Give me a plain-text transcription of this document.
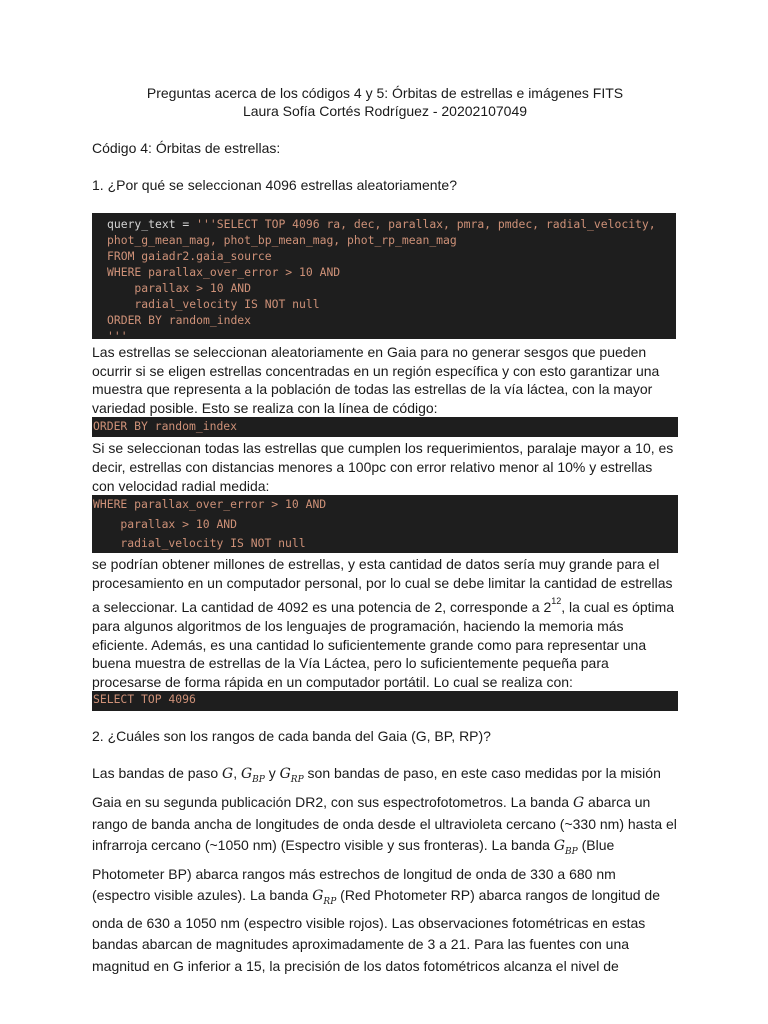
Preguntas acerca de los códigos 4 y 5: Órbitas de estrellas e imágenes FITS
Laura Sofía Cortés Rodríguez - 20202107049
Código 4: Órbitas de estrellas:
1. ¿Por qué se seleccionan 4096 estrellas aleatoriamente?
query_text = '''SELECT TOP 4096 ra, dec, parallax, pmra, pmdec, radial_velocity,
phot_g_mean_mag, phot_bp_mean_mag, phot_rp_mean_mag
FROM gaiadr2.gaia_source
WHERE parallax_over_error > 10 AND
parallax > 10 AND
radial_velocity IS NOT null
ORDER BY random_index
'''

Las estrellas se seleccionan aleatoriamente en Gaia para no generar sesgos que pueden ocurrir si se eligen estrellas concentradas en un región específica y con esto garantizar una muestra que representa a la población de todas las estrellas de la vía láctea, con la mayor variedad posible. Esto se realiza con la línea de código:

ORDER BY random_index

Si se seleccionan todas las estrellas que cumplen los requerimientos, paralaje mayor a 10, es decir, estrellas con distancias menores a 100pc con error relativo menor al 10% y estrellas con velocidad radial medida:

WHERE parallax_over_error > 10 AND
parallax > 10 AND
radial_velocity IS NOT null

se podrían obtener millones de estrellas, y esta cantidad de datos sería muy grande para el procesamiento en un computador personal, por lo cual se debe limitar la cantidad de estrellas a seleccionar. La cantidad de 4092 es una potencia de 2, corresponde a $2^{12}$, la cual es óptima para algunos algoritmos de los lenguajes de programación, haciendo la memoria más eficiente. Además, es una cantidad lo suficientemente grande como para representar una buena muestra de estrellas de la Vía Láctea, pero lo suficientemente pequeña para procesarse de forma rápida en un computador portátil. Lo cual se realiza con:

SELECT TOP 4096
2. ¿Cuáles son los rangos de cada banda del Gaia (G, BP, RP)?

Las bandas de paso G, $G_{BP}$ y $G_{RP}$ son bandas de paso, en este caso medidas por la misión Gaia en su segunda publicación DR2, con sus espectrofotometros. La banda G abarca un rango de banda ancha de longitudes de onda desde el ultravioleta cercano (~330 nm) hasta el infrarroja cercano (~1050 nm) (Espectro visible y sus fronteras). La banda $G_{BP}$ (Blue Photometer BP) abarca rangos más estrechos de longitud de onda de 330 a 680 nm (espectro visible azules). La banda $G_{RP}$ (Red Photometer RP) abarca rangos de longitud de onda de 630 a 1050 nm (espectro visible rojos). Las observaciones fotométricas en estas bandas abarcan de magnitudes aproximadamente de 3 a 21. Para las fuentes con una magnitud en G inferior a 15, la precisión de los datos fotométricos alcanza el nivel de
